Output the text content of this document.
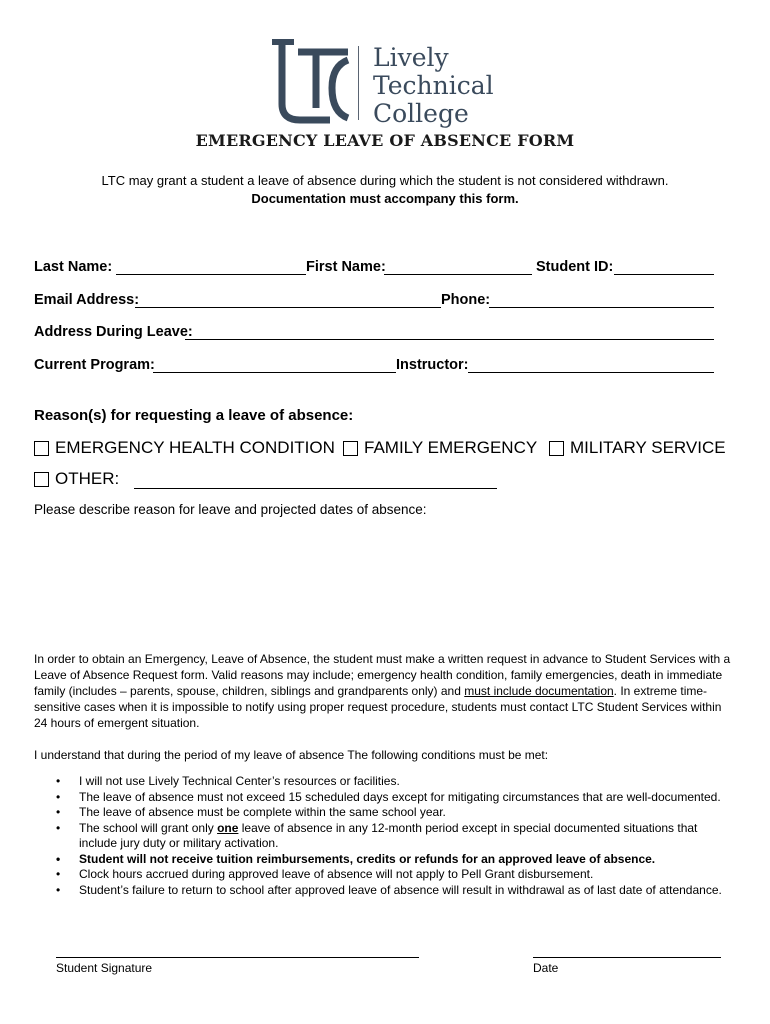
Lively
Technical
College
EMERGENCY LEAVE OF ABSENCE FORM
LTC may grant a student a leave of absence during which the student is not considered withdrawn.
Documentation must accompany this form.
Last Name:	First Name:	Student ID:
Email Address:	Phone:
Address During Leave:
Current Program:	Instructor:
Reason(s) for requesting a leave of absence:
EMERGENCY HEALTH CONDITION FAMILY EMERGENCY MILITARY SERVICE
OTHER:
Please describe reason for leave and projected dates of absence:
In order to obtain an Emergency, Leave of Absence, the student must make a written request in advance to Student Services with a Leave of Absence Request form. Valid reasons may include; emergency health condition, family emergencies, death in immediate family (includes – parents, spouse, children, siblings and grandparents only) and must include documentation. In extreme time-sensitive cases when it is impossible to notify using proper request procedure, students must contact LTC Student Services within 24 hours of emergent situation.
I understand that during the period of my leave of absence The following conditions must be met:
• I will not use Lively Technical Center’s resources or facilities.
• The leave of absence must not exceed 15 scheduled days except for mitigating circumstances that are well-documented.
• The leave of absence must be complete within the same school year.
• The school will grant only one leave of absence in any 12-month period except in special documented situations that include jury duty or military activation.
• Student will not receive tuition reimbursements, credits or refunds for an approved leave of absence.
• Clock hours accrued during approved leave of absence will not apply to Pell Grant disbursement.
• Student’s failure to return to school after approved leave of absence will result in withdrawal as of last date of attendance.
Student Signature	Date
